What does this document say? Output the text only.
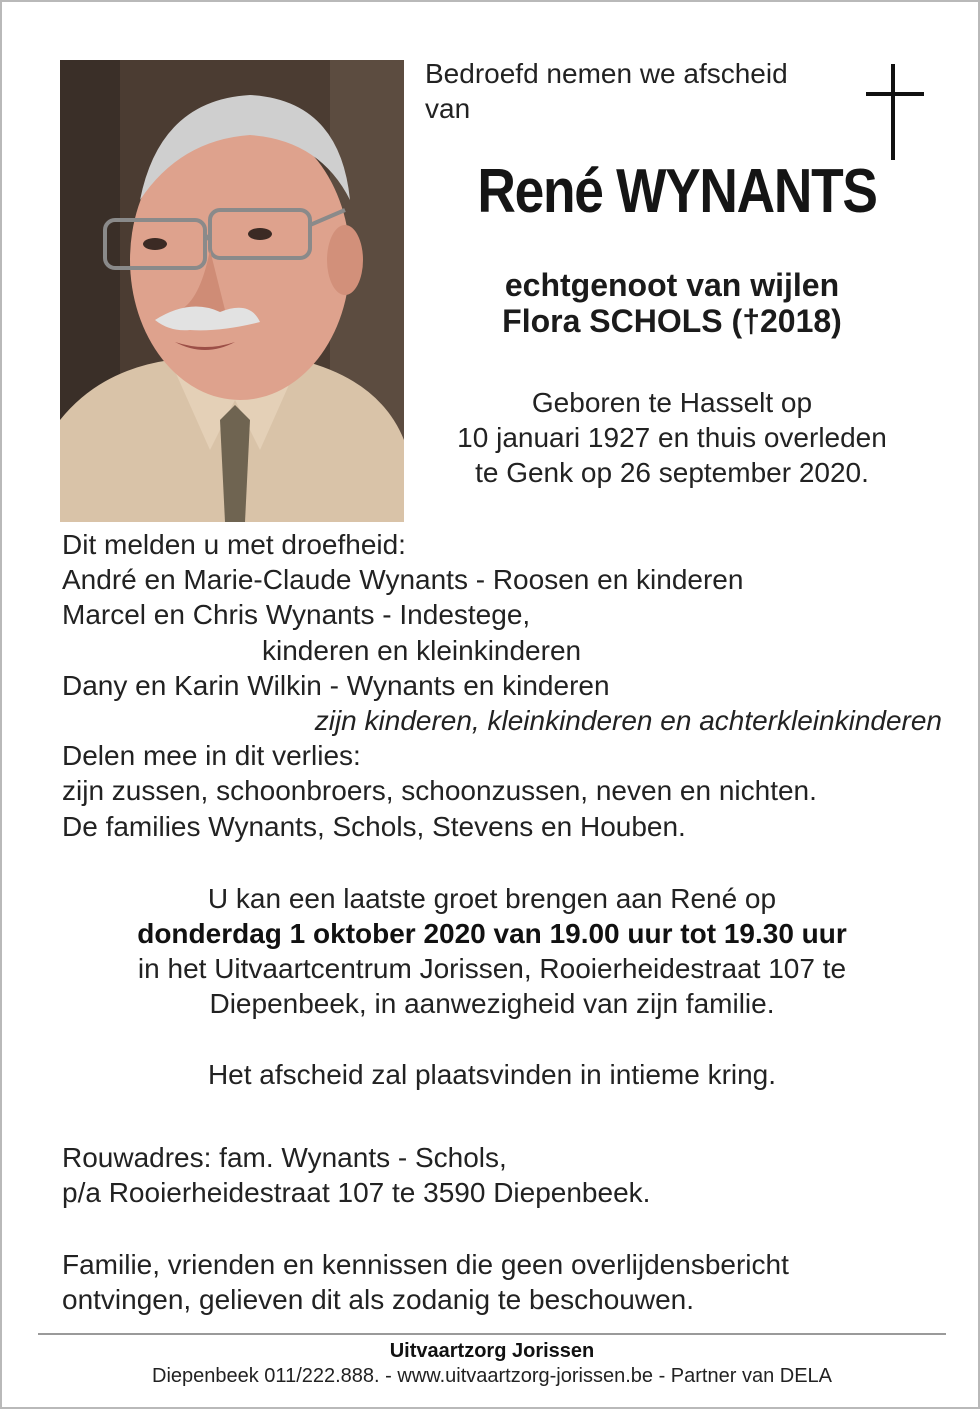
Bedroefd nemen we afscheid
van
René WYNANTS
echtgenoot van wijlen
Flora SCHOLS (†2018)
Geboren te Hasselt op
10 januari 1927 en thuis overleden
te Genk op 26 september 2020.
Dit melden u met droefheid:
André en Marie-Claude Wynants - Roosen en kinderen
Marcel en Chris Wynants - Indestege,
kinderen en kleinkinderen
Dany en Karin Wilkin - Wynants en kinderen
zijn kinderen, kleinkinderen en achterkleinkinderen
Delen mee in dit verlies:
zijn zussen, schoonbroers, schoonzussen, neven en nichten.
De families Wynants, Schols, Stevens en Houben.
U kan een laatste groet brengen aan René op
donderdag 1 oktober 2020 van 19.00 uur tot 19.30 uur
in het Uitvaartcentrum Jorissen, Rooierheidestraat 107 te
Diepenbeek, in aanwezigheid van zijn familie.
Het afscheid zal plaatsvinden in intieme kring.
Rouwadres: fam. Wynants - Schols,
p/a Rooierheidestraat 107 te 3590 Diepenbeek.
Familie, vrienden en kennissen die geen overlijdensbericht
ontvingen, gelieven dit als zodanig te beschouwen.
Uitvaartzorg Jorissen
Diepenbeek 011/222.888. - www.uitvaartzorg-jorissen.be - Partner van DELA
